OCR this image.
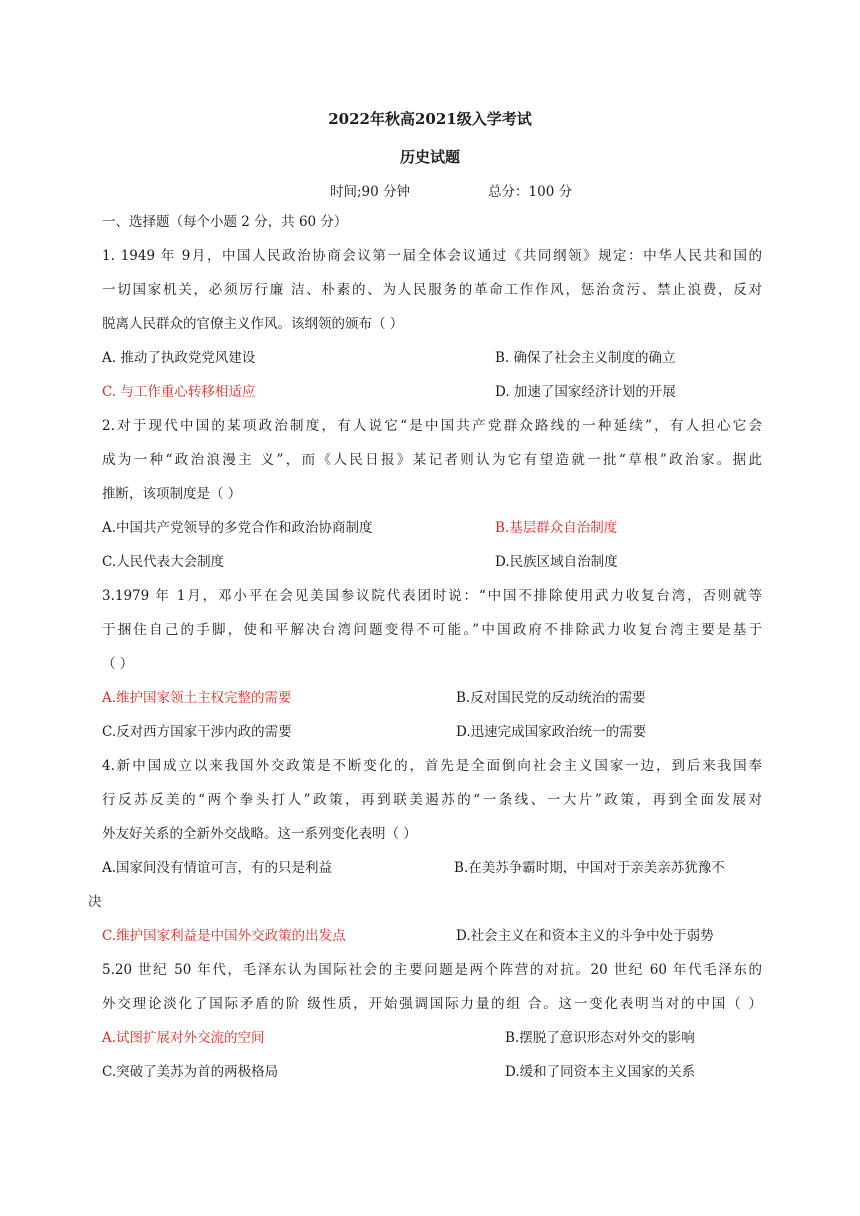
2022年秋高2021级入学考试
历史试题
时间;90 分钟	总分：100 分
一、选择题（每个小题 2 分，共 60 分）
1. 1949 年 9月，中国人民政治协商会议第一届全体会议通过《共同纲领》规定：中华人民共和国的
一切国家机关，必须厉行廉 洁、朴素的、为人民服务的革命工作作风，惩治贪污、禁止浪费，反对
脱离人民群众的官僚主义作风。该纲领的颁布（ ）
A. 推动了执政党党风建设	B. 确保了社会主义制度的确立
C. 与工作重心转移相适应	D. 加速了国家经济计划的开展
2.对于现代中国的某项政治制度，有人说它“是中国共产党群众路线的一种延续”，有人担心它会
成为一种“政治浪漫主 义”，而《人民日报》某记者则认为它有望造就一批“草根”政治家。据此
推断，该项制度是（ ）
A.中国共产党领导的多党合作和政治协商制度	B.基层群众自治制度
C.人民代表大会制度	D.民族区域自治制度
3.1979 年 1月，邓小平在会见美国参议院代表团时说：“中国不排除使用武力收复台湾，否则就等
于捆住自己的手脚，使和平解决台湾问题变得不可能。”中国政府不排除武力收复台湾主要是基于
（ ）
A.维护国家领土主权完整的需要	B.反对国民党的反动统治的需要
C.反对西方国家干涉内政的需要	D.迅速完成国家政治统一的需要
4.新中国成立以来我国外交政策是不断变化的，首先是全面倒向社会主义国家一边，到后来我国奉
行反苏反美的“两个拳头打人”政策，再到联美遏苏的“一条线、一大片”政策，再到全面发展对
外友好关系的全新外交战略。这一系列变化表明（ ）
A.国家间没有情谊可言，有的只是利益	B.在美苏争霸时期，中国对于亲美亲苏犹豫不
决
C.维护国家利益是中国外交政策的出发点	D.社会主义在和资本主义的斗争中处于弱势
5.20 世纪 50 年代，毛泽东认为国际社会的主要问题是两个阵营的对抗。20 世纪 60 年代毛泽东的
外交理论淡化了国际矛盾的阶 级性质，开始强调国际力量的组 合。这一变化表明当对的中国（ ）
A.试图扩展对外交流的空间	B.摆脱了意识形态对外交的影响
C.突破了美苏为首的两极格局	D.缓和了同资本主义国家的关系
